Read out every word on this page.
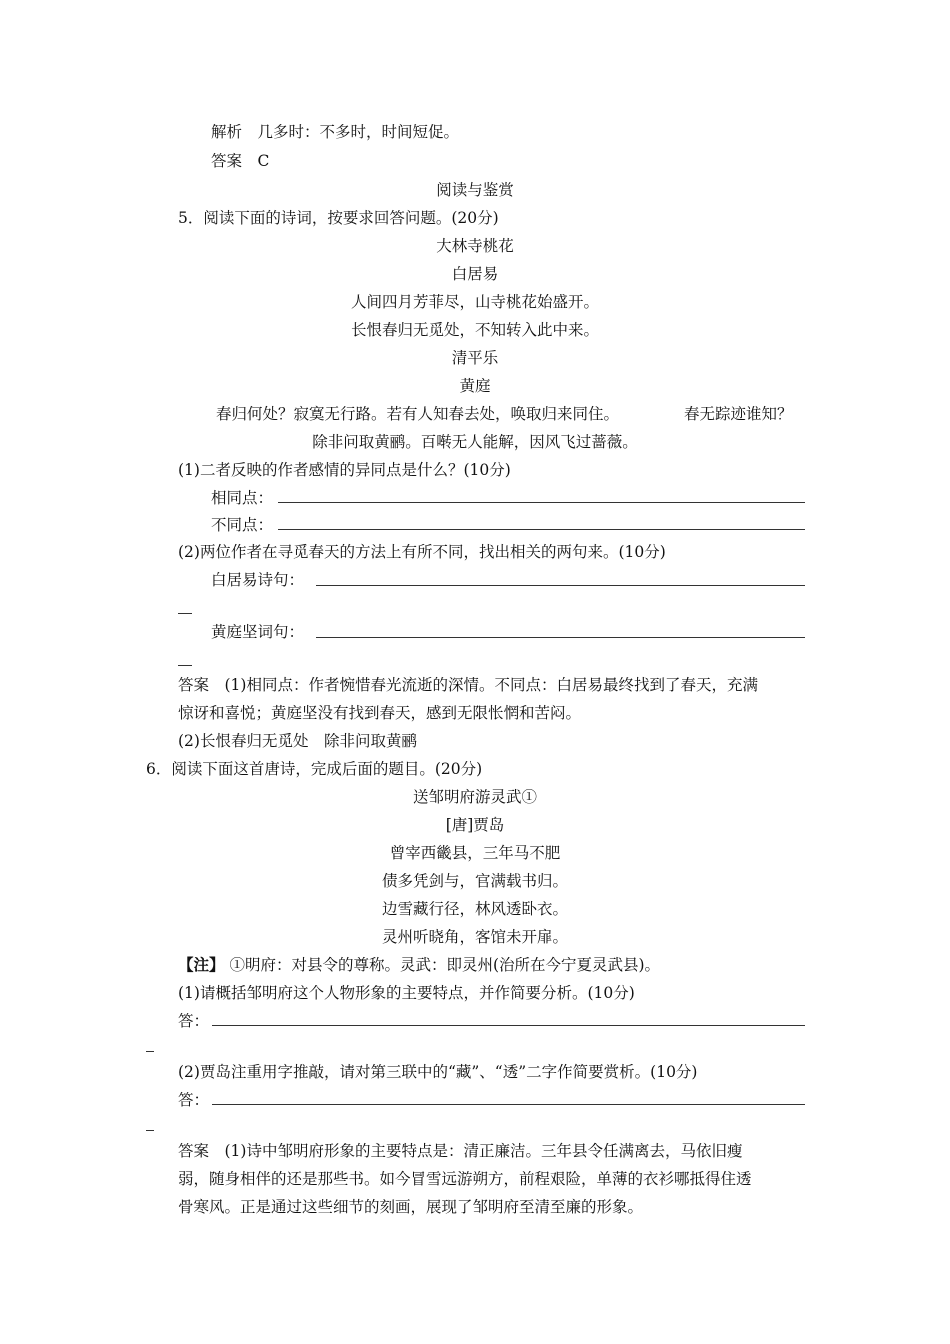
解析　几多时：不多时，时间短促。
答案　C
阅读与鉴赏
5．阅读下面的诗词，按要求回答问题。(20分)
大林寺桃花
白居易
人间四月芳菲尽，山寺桃花始盛开。
长恨春归无觅处，不知转入此中来。
清平乐
黄庭
春归何处？寂寞无行路。若有人知春去处，唤取归来同住。	春无踪迹谁知？
除非问取黄鹂。百啭无人能解，因风飞过蔷薇。
(1)二者反映的作者感情的异同点是什么？(10分)
相同点：
不同点：
(2)两位作者在寻觅春天的方法上有所不同，找出相关的两句来。(10分)
白居易诗句：
黄庭坚词句：
答案　(1)相同点：作者惋惜春光流逝的深情。不同点：白居易最终找到了春天，充满
惊讶和喜悦；黄庭坚没有找到春天，感到无限怅惘和苦闷。
(2)长恨春归无觅处　除非问取黄鹂
6．阅读下面这首唐诗，完成后面的题目。(20分)
送邹明府游灵武①
[唐]贾岛
曾宰西畿县，三年马不肥
债多凭剑与，官满载书归。
边雪藏行径，林风透卧衣。
灵州听晓角，客馆未开扉。
【注】 ①明府：对县令的尊称。灵武：即灵州(治所在今宁夏灵武县)。
(1)请概括邹明府这个人物形象的主要特点，并作简要分析。(10分)
答：
(2)贾岛注重用字推敲，请对第三联中的“藏”、“透”二字作简要赏析。(10分)
答：
答案　(1)诗中邹明府形象的主要特点是：清正廉洁。三年县令任满离去，马依旧瘦
弱，随身相伴的还是那些书。如今冒雪远游朔方，前程艰险，单薄的衣衫哪抵得住透
骨寒风。正是通过这些细节的刻画，展现了邹明府至清至廉的形象。
